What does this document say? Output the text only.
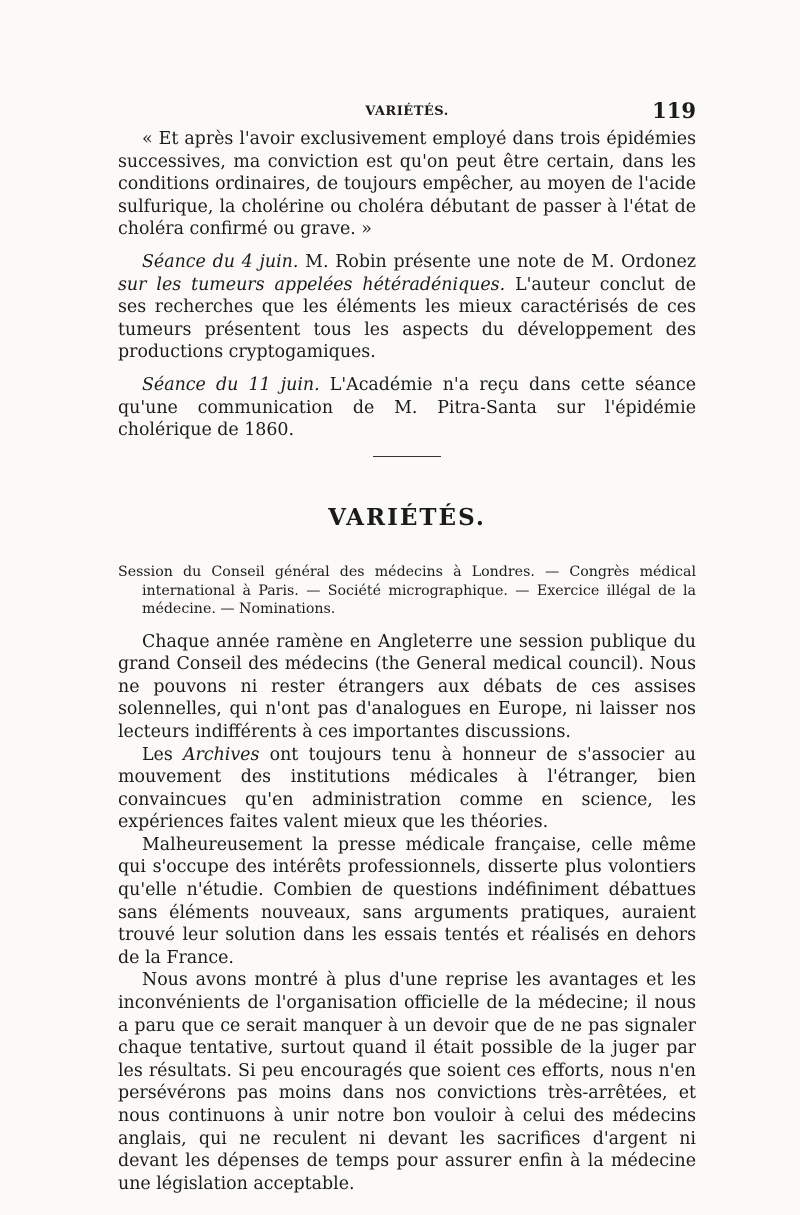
VARIÉTÉS.	119

« Et après l'avoir exclusivement employé dans trois épidémies successives, ma conviction est qu'on peut être certain, dans les conditions ordinaires, de toujours empêcher, au moyen de l'acide sulfurique, la cholérine ou choléra débutant de passer à l'état de choléra confirmé ou grave. »

Séance du 4 juin. M. Robin présente une note de M. Ordonez sur les tumeurs appelées hétéradéniques. L'auteur conclut de ses recherches que les éléments les mieux caractérisés de ces tumeurs présentent tous les aspects du développement des productions cryptogamiques.

Séance du 11 juin. L'Académie n'a reçu dans cette séance qu'une communication de M. Pitra-Santa sur l'épidémie cholérique de 1860.

VARIÉTÉS.
Session du Conseil général des médecins à Londres. — Congrès médical international à Paris. — Société micrographique. — Exercice illégal de la médecine. — Nominations.

Chaque année ramène en Angleterre une session publique du grand Conseil des médecins (the General medical council). Nous ne pouvons ni rester étrangers aux débats de ces assises solennelles, qui n'ont pas d'analogues en Europe, ni laisser nos lecteurs indifférents à ces importantes discussions.

Les Archives ont toujours tenu à honneur de s'associer au mouvement des institutions médicales à l'étranger, bien convaincues qu'en administration comme en science, les expériences faites valent mieux que les théories.

Malheureusement la presse médicale française, celle même qui s'occupe des intérêts professionnels, disserte plus volontiers qu'elle n'étudie. Combien de questions indéfiniment débattues sans éléments nouveaux, sans arguments pratiques, auraient trouvé leur solution dans les essais tentés et réalisés en dehors de la France.

Nous avons montré à plus d'une reprise les avantages et les inconvénients de l'organisation officielle de la médecine; il nous a paru que ce serait manquer à un devoir que de ne pas signaler chaque tentative, surtout quand il était possible de la juger par les résultats. Si peu encouragés que soient ces efforts, nous n'en persévérons pas moins dans nos convictions très-arrêtées, et nous continuons à unir notre bon vouloir à celui des médecins anglais, qui ne reculent ni devant les sacrifices d'argent ni devant les dépenses de temps pour assurer enfin à la médecine une législation acceptable.
